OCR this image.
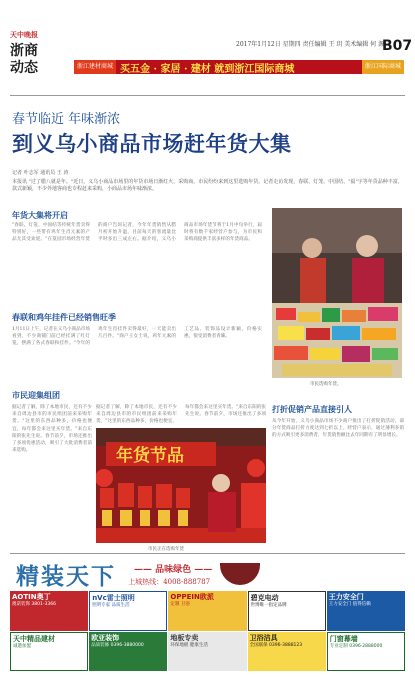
天中晚报
浙商
动态
2017年1月12日 星期四 责任编辑 王 玥 美术编辑 何 源
B07
浙江建材商城 买五金 · 家居 · 建材 就到浙江国际商城	浙江国际商城
春节临近 年味渐浓
到义乌小商品市场赶年货大集
记者 叶志军 通讯员 王 涛
本报讯 "过了腊八就是年。"近日，义乌小商品市场里的年货市场日渐红火，采购商、市民纷纷来到这里选购年货。记者走访发现，春联、灯笼、中国结、"福"字等年货品种丰富，款式新颖，不少外地客商也专程赶来采购，小商品市场年味渐浓。
年货大集将开启
"春联、灯笼、中国结等传统年货卖得特别好，一些带有鸡年生肖元素的产品尤其受欢迎。"在篁园市场经营年货的商户告诉记者，今年年货销售从腊月初开始升温，目前每天的客流量比平时多出三成左右。据介绍，义乌小商品市场年货节将于1月中旬举行，届时将有数千家经营户参与，为市民和采购商提供丰富多样的年货商品。
春联和鸡年挂件已经销售旺季
1月11日上午，记者在义乌小商品市场看到，不少商铺门前已经挂满了红灯笼，摆满了各式春联和挂件。"今年的鸡年生肖挂件卖得最好，一天能卖出几百件。"商户王女士说，鸡年元素的工艺品、装饰品设计新颖，价格实惠，很受消费者青睐。
市民迎集组团
据记者了解，除了本地市民，还有不少来自周边县市的市民组团前来采购年货。"这里的东西品种多，价格也便宜，每年都会来这里买年货。"来自东阳的张先生说。春节前夕，市场还推出了多项优惠活动，吸引了大批消费者前来选购。
据记者了解，除了本地市民，还有不少来自周边县市的市民组团前来采购年货。"这里的东西品种多，价格也便宜，每年都会来这里买年货。"来自东阳的张先生说。春节前夕，市场还推出了多项
市民选购年货。
年货节品
市民正在选购年货
打折促销产品直接引人
从今年开始，义乌小商品市场不少商户推出了打折促销活动，部分年货商品打折力度达到七折以上。经营户表示，通过薄利多销的方式吸引更多消费者，年货销售额比去年同期有了明显增长。
精装天下 —— 品味绿色 ——
上城热线：4008-888787
AOTIN奥丁
澳诺装饰 3801-3366
nVc雷士照明
照明专家 品质生活
OPPEIN欧派
定制 卫浴
碧克电动
世博唯一指定品牌
王力安全门
王力安全门 值得信赖
天中精品建材
诚邀加盟
欧亚装饰
品质装修 0396-3880000
地板专卖
环保地板 健康生活
卫浴洁具
全国联保 0396-3888123
门窗幕墙
专业定制 0396-2888000
